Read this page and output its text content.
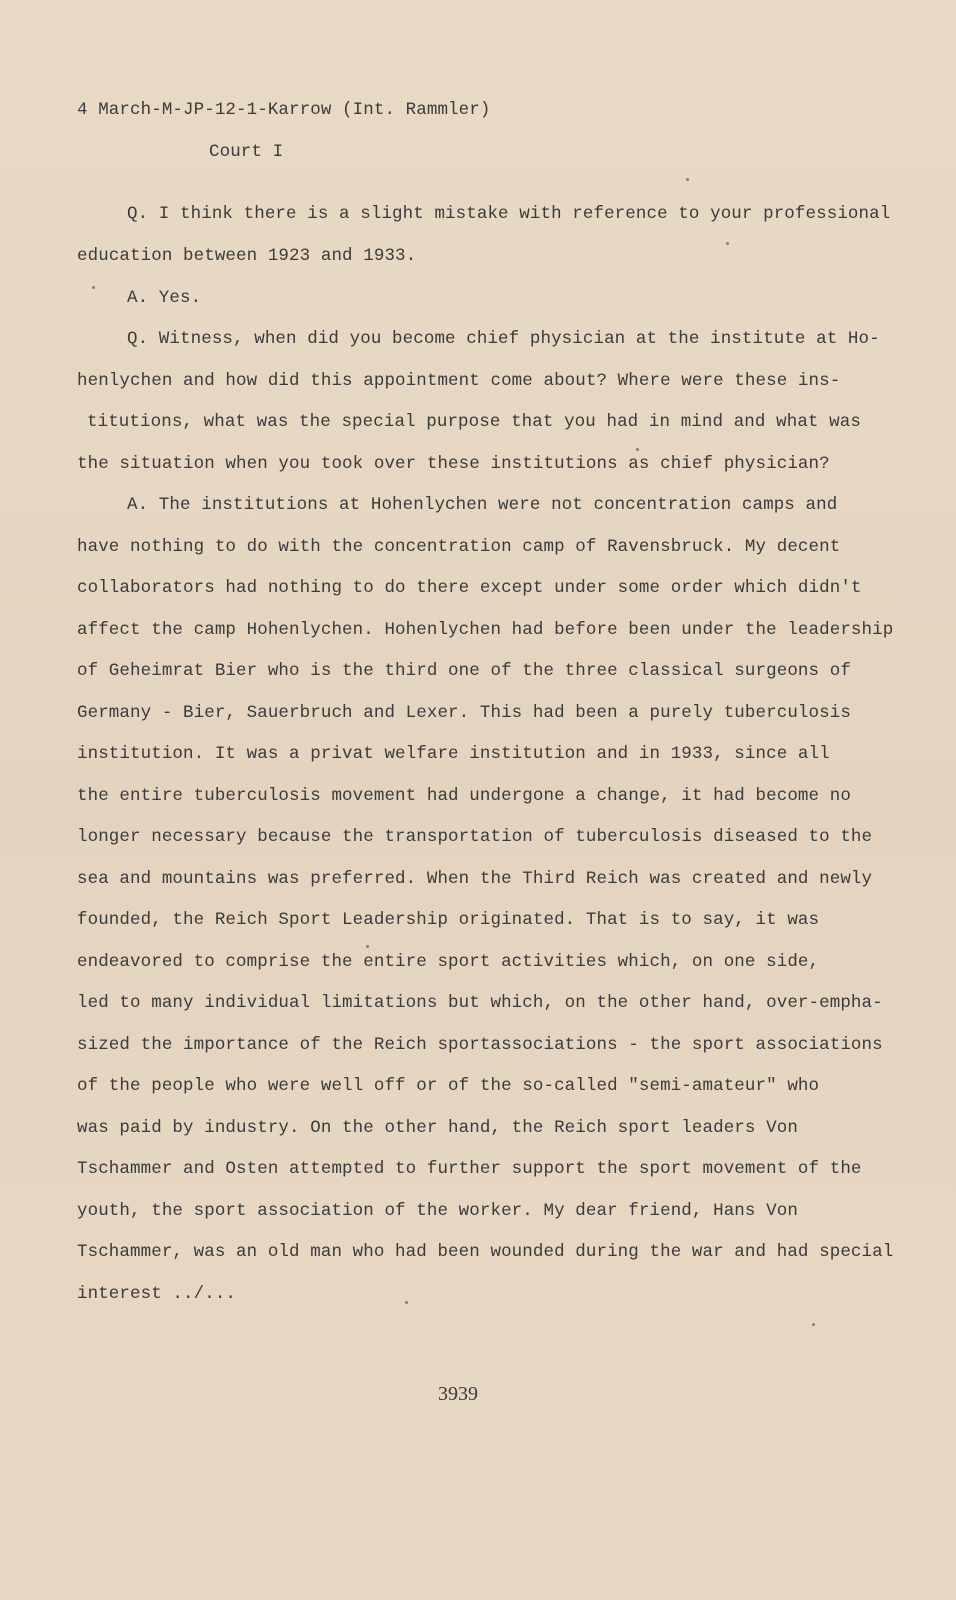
4 March-M-JP-12-1-Karrow (Int. Rammler)
Court I
Q. I think there is a slight mistake with reference to your professional
education between 1923 and 1933.
A. Yes.
Q. Witness, when did you become chief physician at the institute at Ho-
henlychen and how did this appointment come about? Where were these ins-
titutions, what was the special purpose that you had in mind and what was
the situation when you took over these institutions as chief physician?
A. The institutions at Hohenlychen were not concentration camps and
have nothing to do with the concentration camp of Ravensbruck. My decent
collaborators had nothing to do there except under some order which didn't
affect the camp Hohenlychen. Hohenlychen had before been under the leadership
of Geheimrat Bier who is the third one of the three classical surgeons of
Germany - Bier, Sauerbruch and Lexer. This had been a purely tuberculosis
institution. It was a privat welfare institution and in 1933, since all
the entire tuberculosis movement had undergone a change, it had become no
longer necessary because the transportation of tuberculosis diseased to the
sea and mountains was preferred. When the Third Reich was created and newly
founded, the Reich Sport Leadership originated. That is to say, it was
endeavored to comprise the entire sport activities which, on one side,
led to many individual limitations but which, on the other hand, over-empha-
sized the importance of the Reich sportassociations - the sport associations
of the people who were well off or of the so-called "semi-amateur" who
was paid by industry. On the other hand, the Reich sport leaders Von
Tschammer and Osten attempted to further support the sport movement of the
youth, the sport association of the worker. My dear friend, Hans Von
Tschammer, was an old man who had been wounded during the war and had special
interest ../...
3939
